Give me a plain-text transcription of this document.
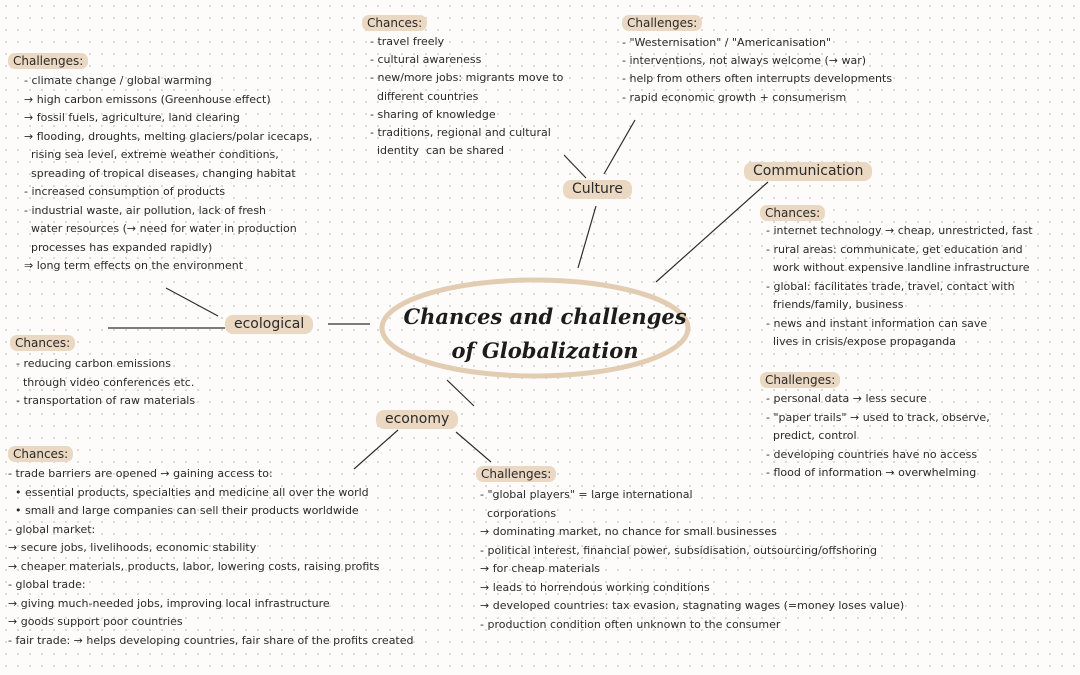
Chances and challenges
of Globalization
Culture
Chances:
- travel freely
- cultural awareness
- new/more jobs: migrants move to
different countries
- sharing of knowledge
- traditions, regional and cultural
identity  can be shared
Challenges:
- "Westernisation" / "Americanisation"
- interventions, not always welcome (→ war)
- help from others often interrupts developments
- rapid economic growth + consumerism
ecological
Challenges:
- climate change / global warming
→ high carbon emissons (Greenhouse effect)
→ fossil fuels, agriculture, land clearing
→ flooding, droughts, melting glaciers/polar icecaps,
rising sea level, extreme weather conditions,
spreading of tropical diseases, changing habitat
- increased consumption of products
- industrial waste, air pollution, lack of fresh
water resources (→ need for water in production
processes has expanded rapidly)
⇒ long term effects on the environment
Chances:
- reducing carbon emissions
through video conferences etc.
- transportation of raw materials
Communication
Chances:
- internet technology → cheap, unrestricted, fast
- rural areas: communicate, get education and
work without expensive landline infrastructure
- global: facilitates trade, travel, contact with
friends/family, business
- news and instant information can save
lives in crisis/expose propaganda
Challenges:
- personal data → less secure
- "paper trails" → used to track, observe,
predict, control
- developing countries have no access
- flood of information → overwhelming
economy
Chances:
- trade barriers are opened → gaining access to:
• essential products, specialties and medicine all over the world
• small and large companies can sell their products worldwide
- global market:
→ secure jobs, livelihoods, economic stability
→ cheaper materials, products, labor, lowering costs, raising profits
- global trade:
→ giving much-needed jobs, improving local infrastructure
→ goods support poor countries
- fair trade: → helps developing countries, fair share of the profits created
Challenges:
- "global players" = large international
corporations
→ dominating market, no chance for small businesses
- political interest, financial power, subsidisation, outsourcing/offshoring
→ for cheap materials
→ leads to horrendous working conditions
→ developed countries: tax evasion, stagnating wages (=money loses value)
- production condition often unknown to the consumer
